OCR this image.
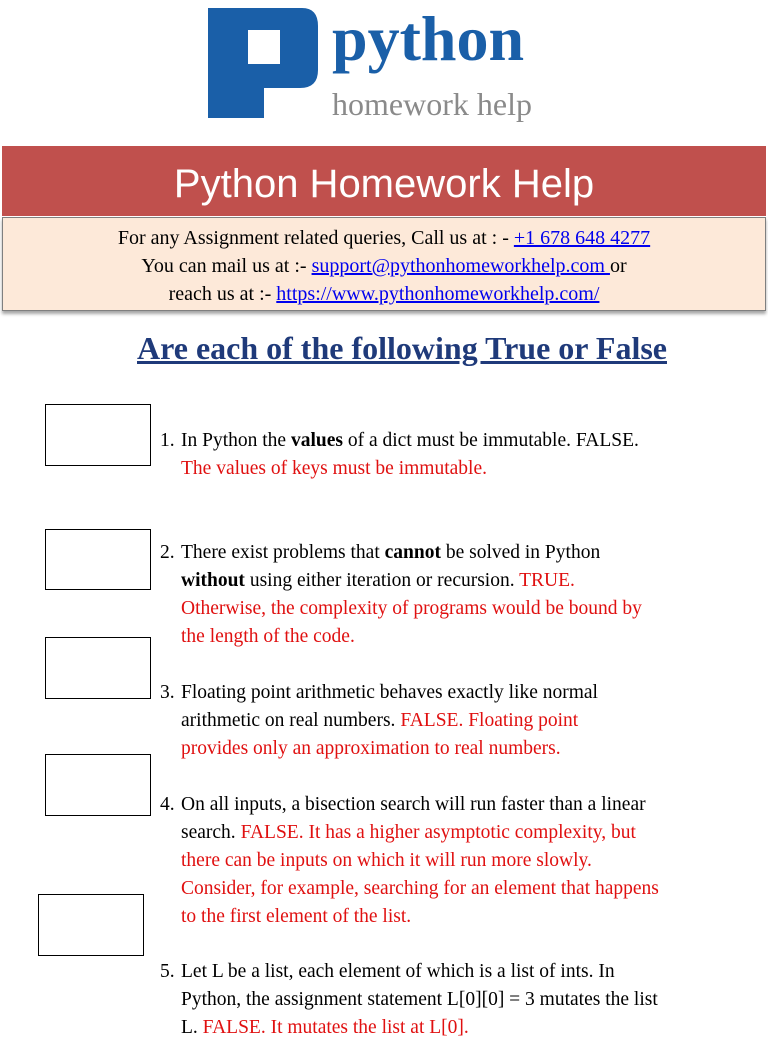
python
homework help
Python Homework Help
For any Assignment related queries, Call us at : - +1 678 648 4277
You can mail us at :- support@pythonhomeworkhelp.com or
reach us at :- https://www.pythonhomeworkhelp.com/
Are each of the following True or False
1. In Python the values of a dict must be immutable. FALSE.
The values of keys must be immutable.
2. There exist problems that cannot be solved in Python
without using either iteration or recursion. TRUE.
Otherwise, the complexity of programs would be bound by
the length of the code.
3. Floating point arithmetic behaves exactly like normal
arithmetic on real numbers. FALSE. Floating point
provides only an approximation to real numbers.
4. On all inputs, a bisection search will run faster than a linear
search. FALSE. It has a higher asymptotic complexity, but
there can be inputs on which it will run more slowly.
Consider, for example, searching for an element that happens
to the first element of the list.
5. Let L be a list, each element of which is a list of ints. In
Python, the assignment statement L[0][0] = 3 mutates the list
L. FALSE. It mutates the list at L[0].
